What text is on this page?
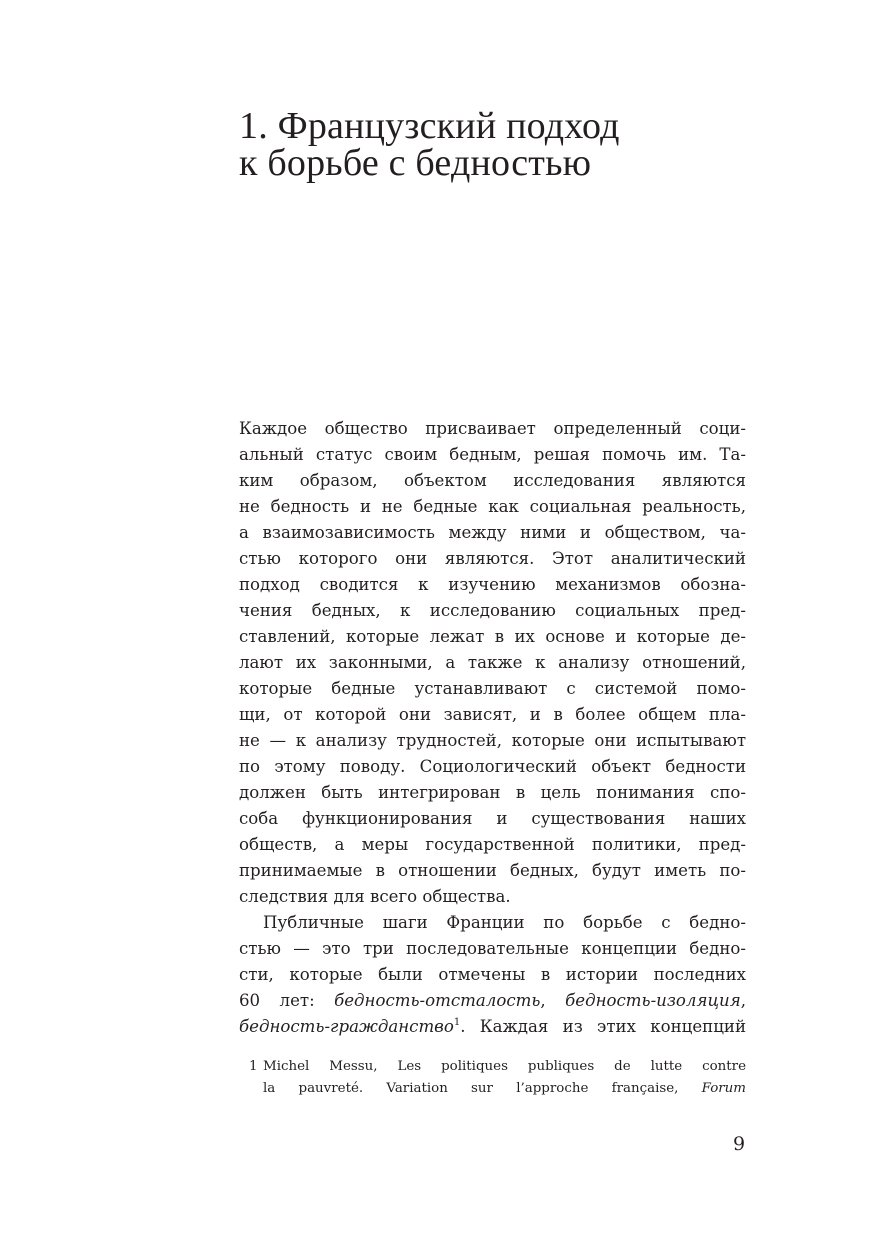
1. Французский подход
к борьбе с бедностью
Каждое общество присваивает определенный соци-
альный статус своим бедным, решая помочь им. Та-
ким образом, объектом исследования являются
не бедность и не бедные как социальная реальность,
а взаимозависимость между ними и обществом, ча-
стью которого они являются. Этот аналитический
подход сводится к изучению механизмов обозна-
чения бедных, к исследованию социальных пред-
ставлений, которые лежат в их основе и которые де-
лают их законными, а также к анализу отношений,
которые бедные устанавливают с системой помо-
щи, от которой они зависят, и в более общем пла-
не — к анализу трудностей, которые они испытывают
по этому поводу. Социологический объект бедности
должен быть интегрирован в цель понимания спо-
соба функционирования и существования наших
обществ, а меры государственной политики, пред-
принимаемые в отношении бедных, будут иметь по-
следствия для всего общества.
Публичные шаги Франции по борьбе с бедно-
стью — это три последовательные концепции бедно-
сти, которые были отмечены в истории последних
60 лет: бедность-отсталость, бедность-изоляция,
бедность-гражданство$^1$. Каждая из этих концепций
1 Michel Messu, Les politiques publiques de lutte contre
la pauvreté. Variation sur l’approche française, Forum
9
